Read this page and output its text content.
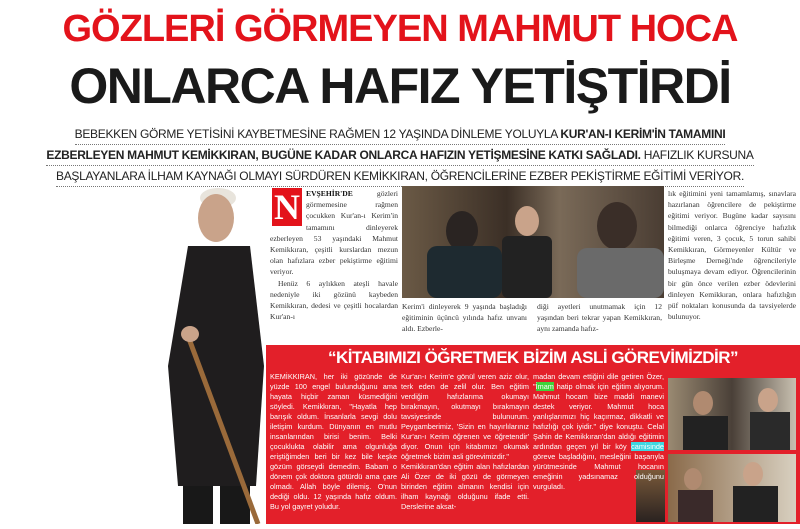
GÖZLERİ GÖRMEYEN MAHMUT HOCA
ONLARCA HAFIZ YETİŞTİRDİ
BEBEKKEN GÖRME YETİSİNİ KAYBETMESİNE RAĞMEN 12 YAŞINDA DİNLEME YOLUYLA KUR'AN-I KERİM'İN TAMAMINI
EZBERLEYEN MAHMUT KEMİKKIRAN, BUGÜNE KADAR ONLARCA HAFIZIN YETİŞMESİNE KATKI SAĞLADI. HAFIZLIK KURSUNA
BAŞLAYANLARA İLHAM KAYNAĞI OLMAYI SÜRDÜREN KEMİKKIRAN, ÖĞRENCİLERİNE EZBER PEKİŞTİRME EĞİTİMİ VERİYOR.
N EVŞEHİR'DE	gözleri görmemesine rağmen çocukken Kur'an-ı Kerim'in tamamını dinleyerek ezberleyen 53 yaşındaki Mahmut Kemikkıran, çeşitli kurslardan mezun olan hafızlara ezber pekiştirme eğitimi veriyor.

Henüz 6 aylıkken ateşli havale nedeniyle iki gözünü kaybeden Kemikkıran, dedesi ve çeşitli hocalardan Kur'an-ı
Kerim'i dinleyerek 9 yaşında başladığı eğitiminin üçüncü yılında hafız unvanı aldı. Ezberle-
diği ayetleri unutmamak için 12 yaşından beri tekrar yapan Kemikkıran, aynı zamanda hafız-
lık eğitimini yeni tamamlamış, sınavlara hazırlanan öğrencilere de pekiştirme eğitimi veriyor. Bugüne kadar sayısını bilmediği onlarca öğrenciye hafızlık eğitimi veren, 3 çocuk, 5 torun sahibi Kemikkıran, Görmeyenler Kültür ve Birleşme Derneği'nde öğrencileriyle buluşmaya devam ediyor. Öğrencilerinin bir gün önce verilen ezber ödevlerini dinleyen Kemikkıran, onlara hafızlığın püf noktaları konusunda da tavsiyelerde bulunuyor.
“KİTABIMIZI ÖĞRETMEK BİZİM ASLİ GÖREVİMİZDİR”
KEMİKKIRAN, her iki gözünde de yüzde 100 engel bulunduğunu ama hayata hiçbir zaman küsmediğini söyledi. Kemikkıran, "Hayatla hep barışık oldum. İnsanlarla sevgi dolu iletişim kurdum. Dünyanın en mutlu insanlarından birisi benim. Belki çocuklukta olabilir ama olgunluğa eriştiğimden beri bir kez bile keşke gözüm görseydi demedim. Babam o dönem çok doktora götürdü ama çare olmadı. Allah böyle dilemiş. O'nun dediği oldu. 12 yaşında hafız oldum. Bu yol gayret yoludur.
Kur'an-ı Kerim'e gönül veren aziz olur, terk eden de zelil olur. Ben eğitim verdiğim hafızlarıma okumayı bırakmayın, okutmayı bırakmayın tavsiyesinde bulunurum. Peygamberimiz, 'Sizin en hayırlılarınız Kur'an-ı Kerim öğrenen ve öğretendir' diyor. Onun için kitabımızı okumak öğretmek bizim asli görevimizdir."
Kemikkıran'dan eğitim alan hafızlardan Ali Özer de iki gözü de görmeyen birinden eğitim almanın kendisi için ilham kaynağı olduğunu ifade etti. Derslerine aksat-
madan devam ettiğini dile getiren Özer, "İmam hatip olmak için eğitim alıyorum. Mahmut hocam bize maddi manevi destek veriyor. Mahmut hoca yanlışlarımızı hiç kaçırmaz, dikkatli ve hafızlığı çok iyidir." diye konuştu. Celal Şahin de Kemikkıran'dan aldığı eğitimin ardından geçen yıl bir köy camisinde göreve başladığını, mesleğini başarıyla yürütmesinde Mahmut hocanın emeğinin yadsınamaz olduğunu vurguladı.
